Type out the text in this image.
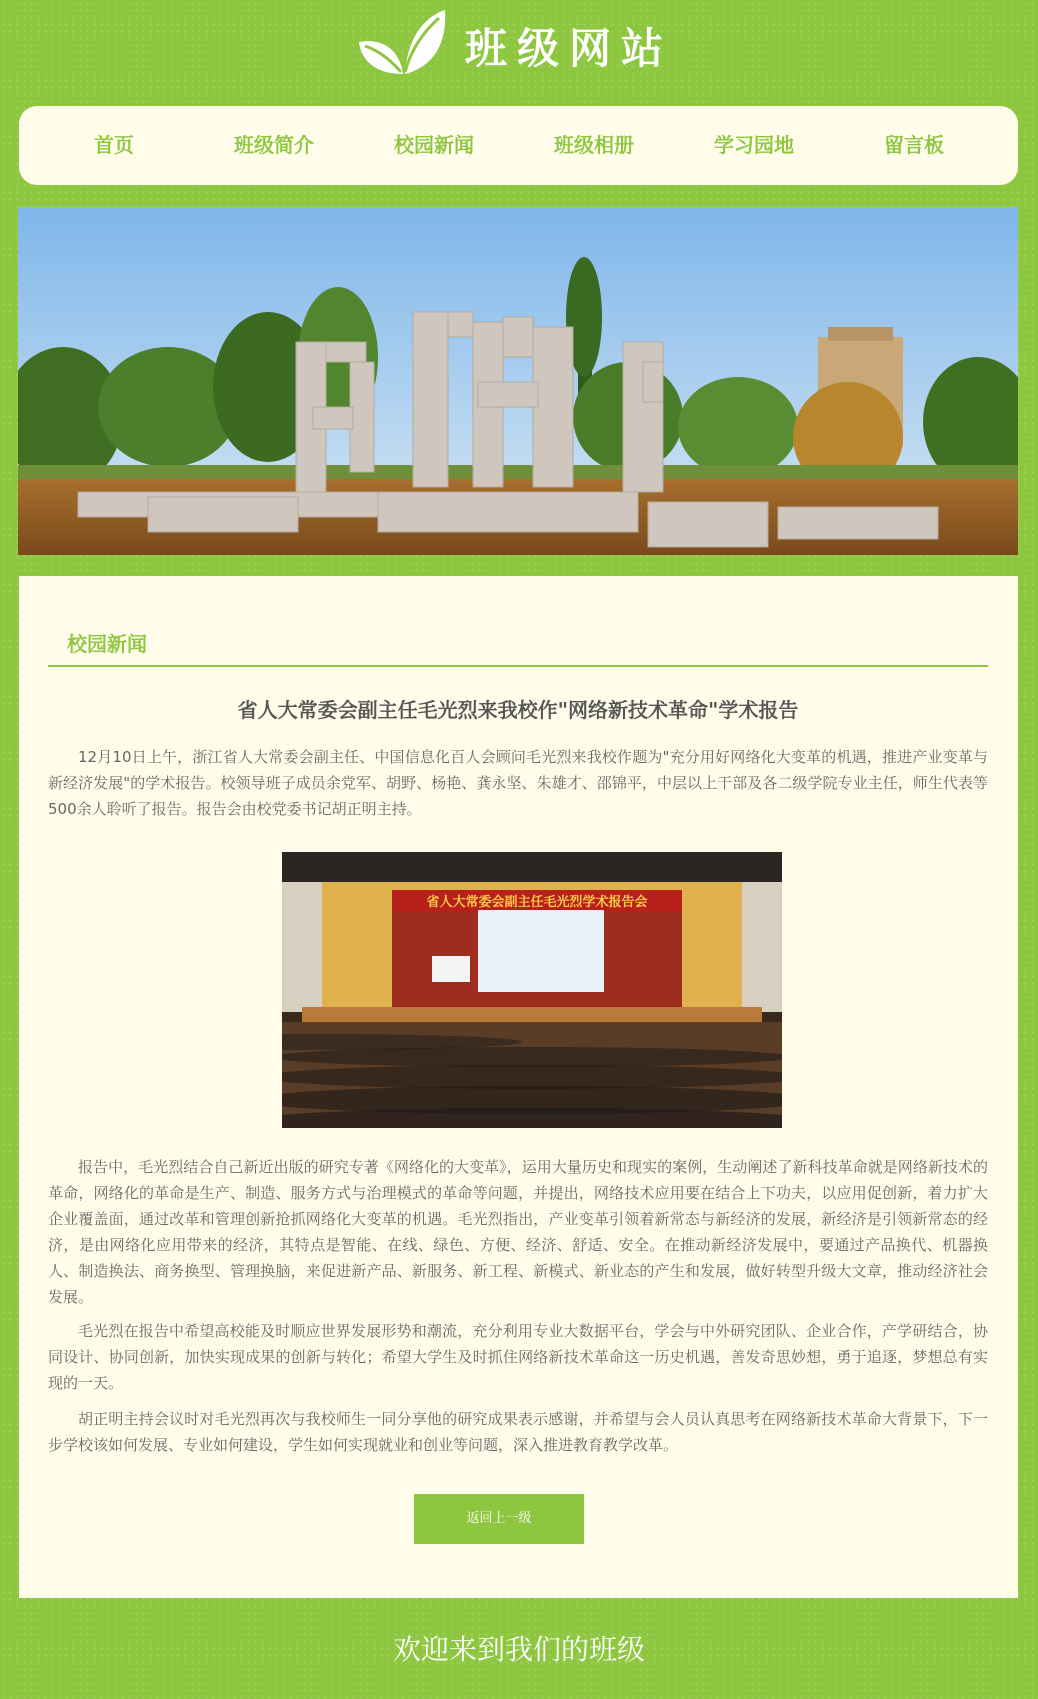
班级网站
首页	班级简介	校园新闻	班级相册	学习园地	留言板
校园新闻
省人大常委会副主任毛光烈来我校作"网络新技术革命"学术报告

12月10日上午，浙江省人大常委会副主任、中国信息化百人会顾问毛光烈来我校作题为"充分用好网络化大变革的机遇，推进产业变革与新经济发展"的学术报告。校领导班子成员余党军、胡野、杨艳、龚永坚、朱雄才、邵锦平，中层以上干部及各二级学院专业主任，师生代表等500余人聆听了报告。报告会由校党委书记胡正明主持。

省人大常委会副主任毛光烈学术报告会

报告中，毛光烈结合自己新近出版的研究专著《网络化的大变革》，运用大量历史和现实的案例，生动阐述了新科技革命就是网络新技术的革命，网络化的革命是生产、制造、服务方式与治理模式的革命等问题，并提出，网络技术应用要在结合上下功夫，以应用促创新，着力扩大企业覆盖面，通过改革和管理创新抢抓网络化大变革的机遇。毛光烈指出，产业变革引领着新常态与新经济的发展，新经济是引领新常态的经济，是由网络化应用带来的经济，其特点是智能、在线、绿色、方便、经济、舒适、安全。在推动新经济发展中，要通过产品换代、机器换人、制造换法、商务换型、管理换脑，来促进新产品、新服务、新工程、新模式、新业态的产生和发展，做好转型升级大文章，推动经济社会发展。

毛光烈在报告中希望高校能及时顺应世界发展形势和潮流，充分利用专业大数据平台，学会与中外研究团队、企业合作，产学研结合，协同设计、协同创新，加快实现成果的创新与转化；希望大学生及时抓住网络新技术革命这一历史机遇，善发奇思妙想，勇于追逐，梦想总有实现的一天。

胡正明主持会议时对毛光烈再次与我校师生一同分享他的研究成果表示感谢，并希望与会人员认真思考在网络新技术革命大背景下，下一步学校该如何发展、专业如何建设，学生如何实现就业和创业等问题，深入推进教育教学改革。

返回上一级
欢迎来到我们的班级
